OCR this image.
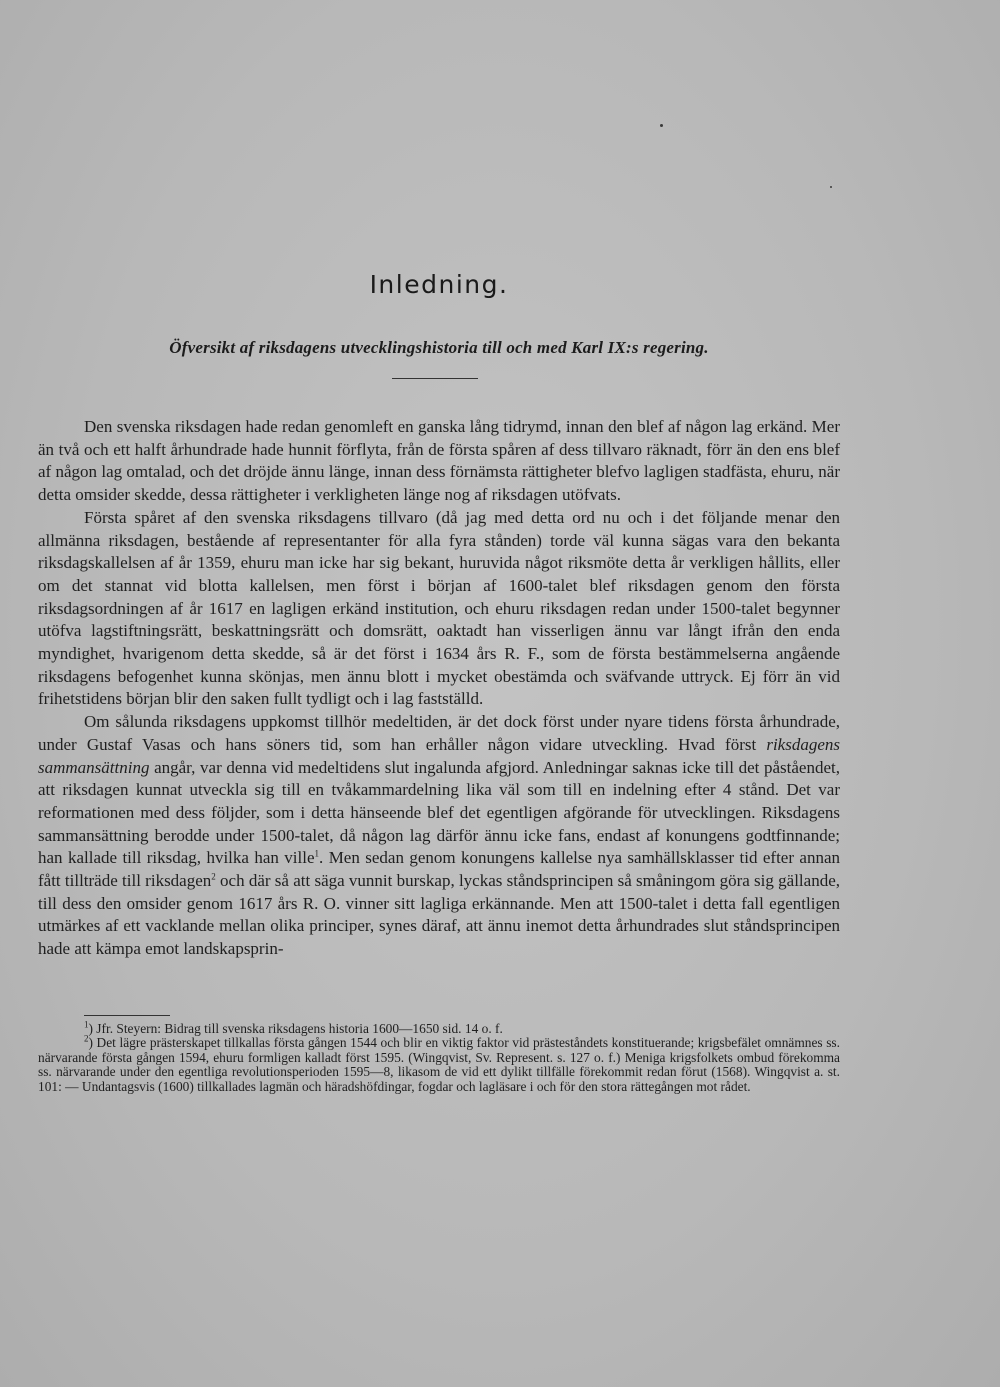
Inledning.
Öfversikt af riksdagens utvecklingshistoria till och med Karl IX:s regering.

Den svenska riksdagen hade redan genomleft en ganska lång tidrymd, innan den blef af någon lag erkänd. Mer än två och ett halft århundrade hade hunnit förflyta, från de första spåren af dess tillvaro räknadt, förr än den ens blef af någon lag omtalad, och det dröjde ännu länge, innan dess förnämsta rättigheter blefvo lagligen stadfästa, ehuru, när detta omsider skedde, dessa rättigheter i verkligheten länge nog af riksdagen utöfvats.

Första spåret af den svenska riksdagens tillvaro (då jag med detta ord nu och i det följande menar den allmänna riksdagen, bestående af representanter för alla fyra stånden) torde väl kunna sägas vara den bekanta riksdagskallelsen af år 1359, ehuru man icke har sig bekant, huruvida något riksmöte detta år verkligen hållits, eller om det stannat vid blotta kallelsen, men först i början af 1600-talet blef riksdagen genom den första riksdagsordningen af år 1617 en lagligen erkänd institution, och ehuru riksdagen redan under 1500-talet begynner utöfva lagstiftningsrätt, beskattningsrätt och domsrätt, oaktadt han visserligen ännu var långt ifrån den enda myndighet, hvarigenom detta skedde, så är det först i 1634 års R. F., som de första bestämmelserna angående riksdagens befogenhet kunna skönjas, men ännu blott i mycket obestämda och sväfvande uttryck. Ej förr än vid frihetstidens början blir den saken fullt tydligt och i lag fastställd.

Om sålunda riksdagens uppkomst tillhör medeltiden, är det dock först under nyare tidens första århundrade, under Gustaf Vasas och hans söners tid, som han erhåller någon vidare utveckling. Hvad först riksdagens sammansättning angår, var denna vid medeltidens slut ingalunda afgjord. Anledningar saknas icke till det påståendet, att riksdagen kunnat utveckla sig till en tvåkammardelning lika väl som till en indelning efter 4 stånd. Det var reformationen med dess följder, som i detta hänseende blef det egentligen afgörande för utvecklingen. Riksdagens sammansättning berodde under 1500-talet, då någon lag därför ännu icke fans, endast af konungens godtfinnande; han kallade till riksdag, hvilka han ville$^1$. Men sedan genom konungens kallelse nya samhällsklasser tid efter annan fått tillträde till riksdagen$^2$ och där så att säga vunnit burskap, lyckas ståndsprincipen så småningom göra sig gällande, till dess den omsider genom 1617 års R. O. vinner sitt lagliga erkännande. Men att 1500-talet i detta fall egentligen utmärkes af ett vacklande mellan olika principer, synes däraf, att ännu inemot detta århundrades slut ståndsprincipen hade att kämpa emot landskapsprin-

$^1$) Jfr. Steyern: Bidrag till svenska riksdagens historia 1600—1650 sid. 14 o. f.

$^2$) Det lägre prästerskapet tillkallas första gången 1544 och blir en viktig faktor vid prästeståndets konstituerande; krigsbefälet omnämnes ss. närvarande första gången 1594, ehuru formligen kalladt först 1595. (Wingqvist, Sv. Represent. s. 127 o. f.) Meniga krigsfolkets ombud förekomma ss. närvarande under den egentliga revolutionsperioden 1595—8, likasom de vid ett dylikt tillfälle förekommit redan förut (1568). Wingqvist a. st. 101: — Undantagsvis (1600) tillkallades lagmän och häradshöfdingar, fogdar och lagläsare i och för den stora rättegången mot rådet.
